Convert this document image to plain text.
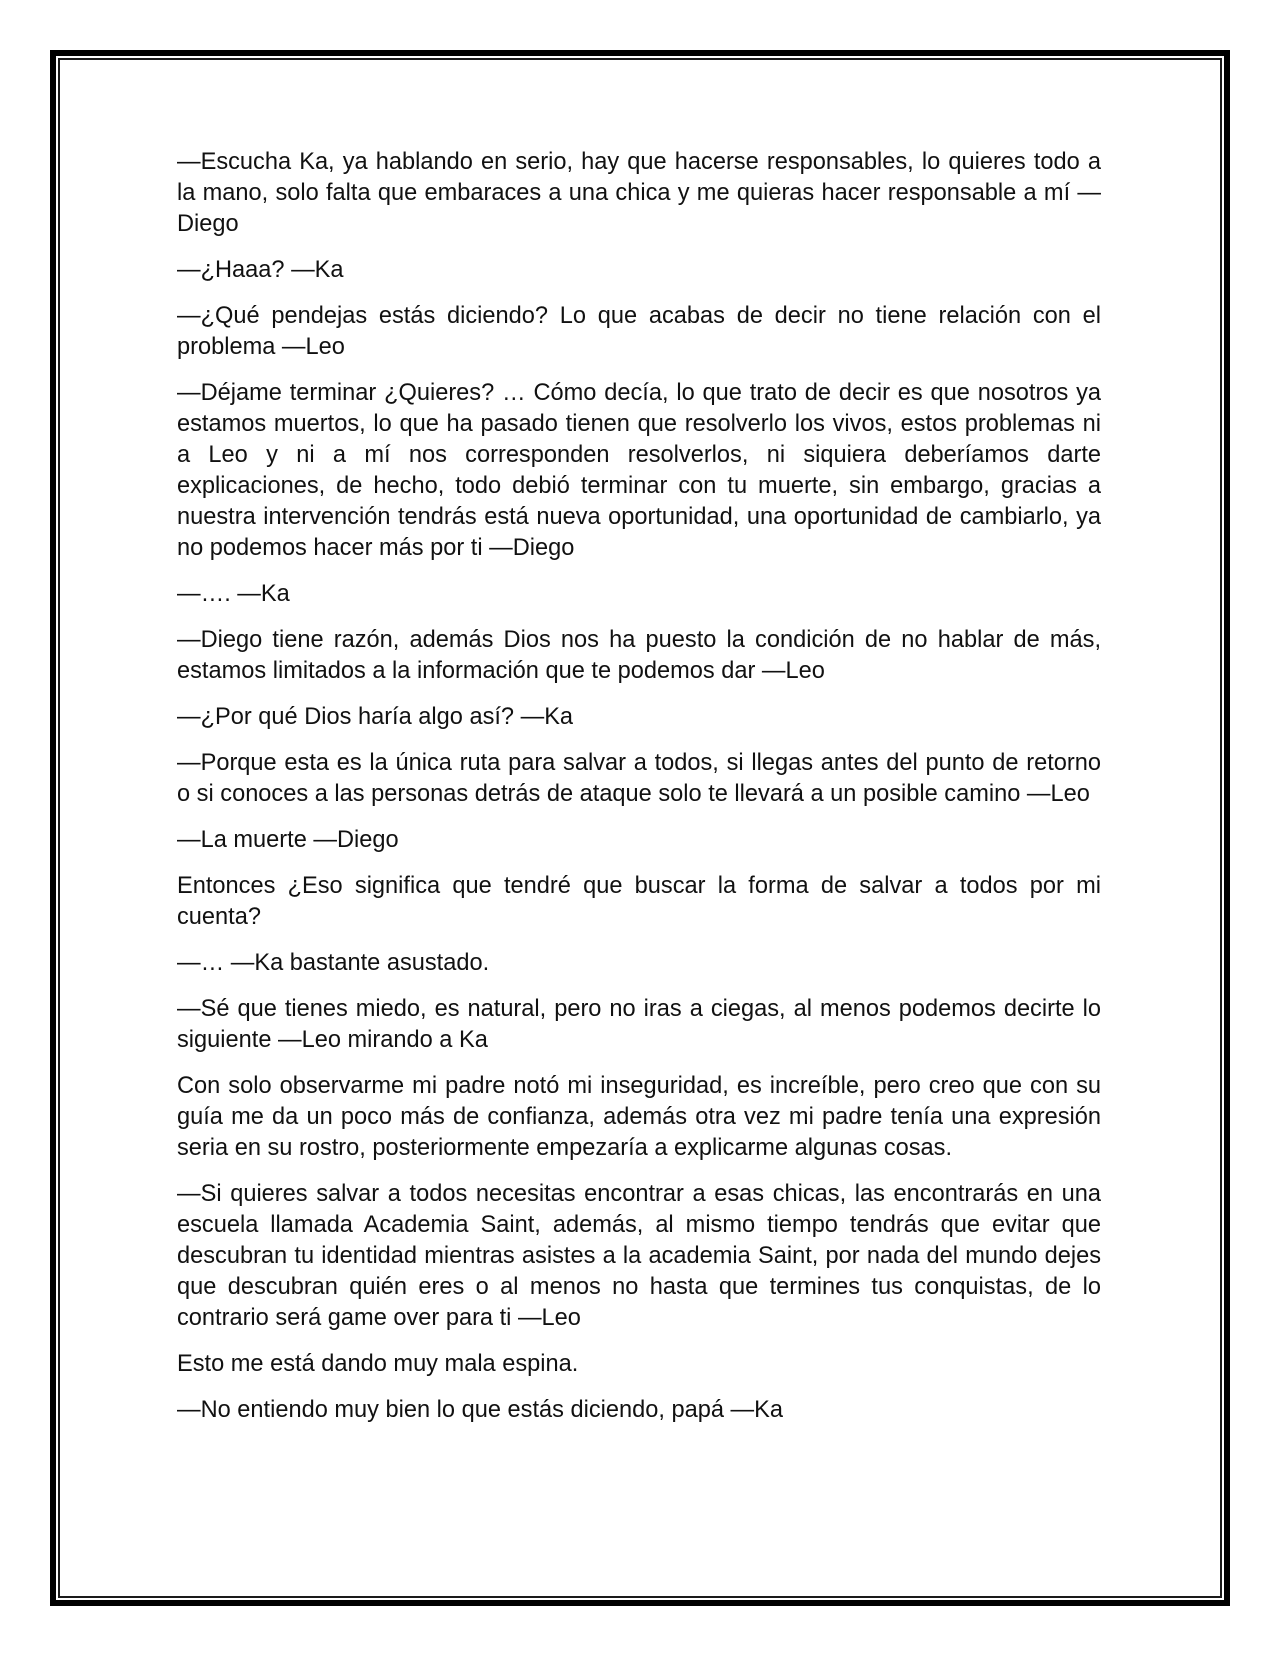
—Escucha Ka, ya hablando en serio, hay que hacerse responsables, lo quieres todo a la mano, solo falta que embaraces a una chica y me quieras hacer responsable a mí —Diego

—¿Haaa? —Ka

—¿Qué pendejas estás diciendo? Lo que acabas de decir no tiene relación con el problema —Leo

—Déjame terminar ¿Quieres? … Cómo decía, lo que trato de decir es que nosotros ya estamos muertos, lo que ha pasado tienen que resolverlo los vivos, estos problemas ni a Leo y ni a mí nos corresponden resolverlos, ni siquiera deberíamos darte explicaciones, de hecho, todo debió terminar con tu muerte, sin embargo, gracias a nuestra intervención tendrás está nueva oportunidad, una oportunidad de cambiarlo, ya no podemos hacer más por ti —Diego

—…. —Ka

—Diego tiene razón, además Dios nos ha puesto la condición de no hablar de más, estamos limitados a la información que te podemos dar —Leo

—¿Por qué Dios haría algo así? —Ka

—Porque esta es la única ruta para salvar a todos, si llegas antes del punto de retorno o si conoces a las personas detrás de ataque solo te llevará a un posible camino —Leo

—La muerte —Diego

Entonces ¿Eso significa que tendré que buscar la forma de salvar a todos por mi cuenta?

—… —Ka bastante asustado.

—Sé que tienes miedo, es natural, pero no iras a ciegas, al menos podemos decirte lo siguiente —Leo mirando a Ka

Con solo observarme mi padre notó mi inseguridad, es increíble, pero creo que con su guía me da un poco más de confianza, además otra vez mi padre tenía una expresión seria en su rostro, posteriormente empezaría a explicarme algunas cosas.

—Si quieres salvar a todos necesitas encontrar a esas chicas, las encontrarás en una escuela llamada Academia Saint, además, al mismo tiempo tendrás que evitar que descubran tu identidad mientras asistes a la academia Saint, por nada del mundo dejes que descubran quién eres o al menos no hasta que termines tus conquistas, de lo contrario será game over para ti —Leo

Esto me está dando muy mala espina.

—No entiendo muy bien lo que estás diciendo, papá —Ka
